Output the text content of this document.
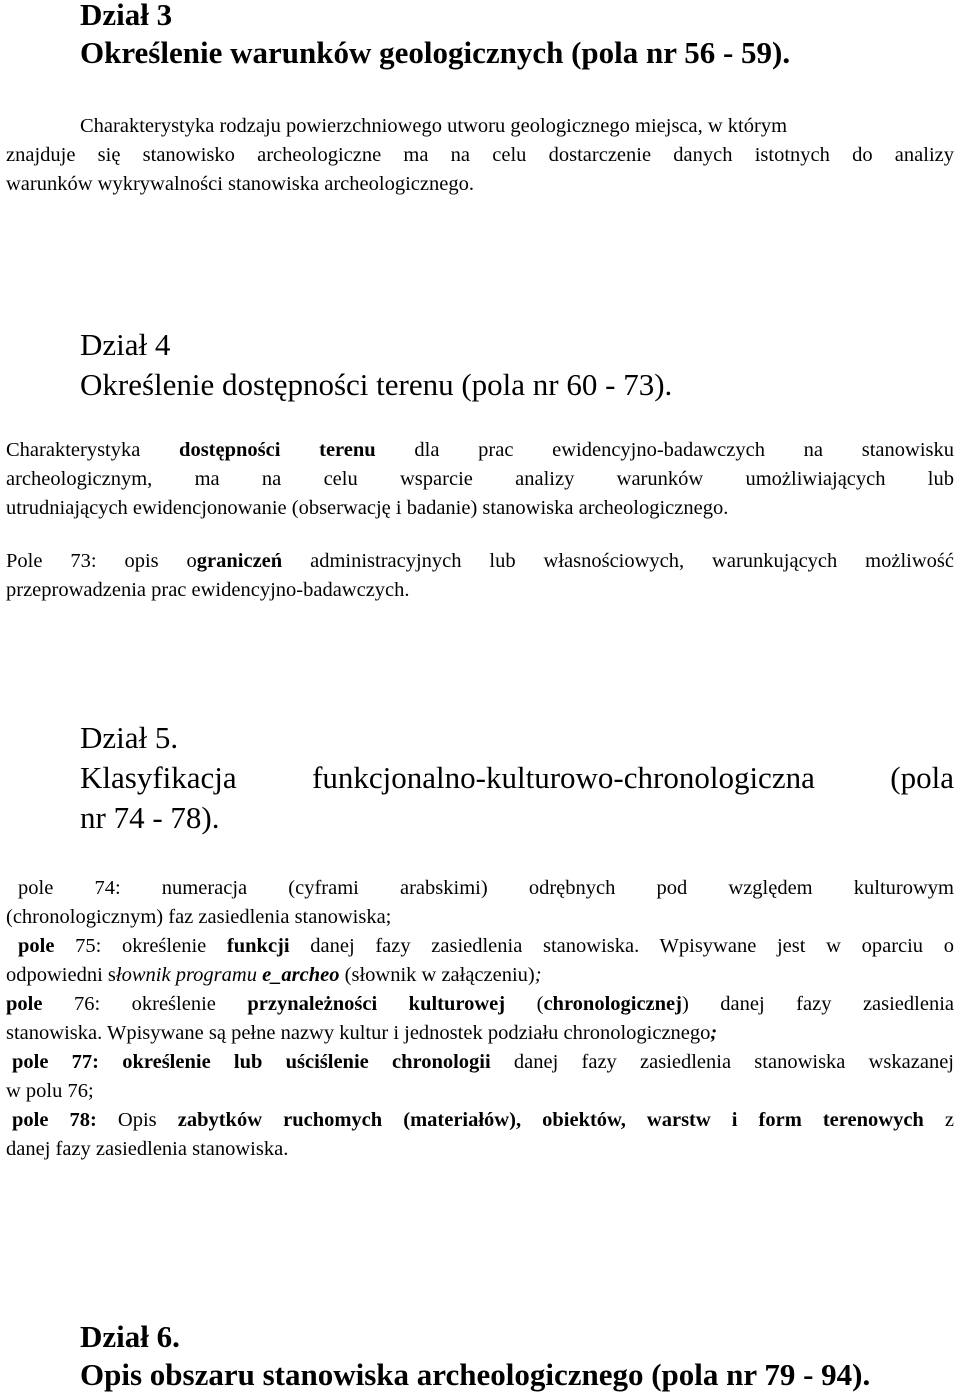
Dział 3
Określenie warunków geologicznych (pola nr 56 - 59).
Charakterystyka rodzaju powierzchniowego utworu geologicznego miejsca, w którym
znajduje się stanowisko archeologiczne ma na celu dostarczenie danych istotnych do analizy
warunków wykrywalności stanowiska archeologicznego.
Dział 4
Określenie dostępności terenu (pola nr 60 - 73).
Charakterystyka dostępności terenu dla prac ewidencyjno-badawczych na stanowisku
archeologicznym, ma na celu wsparcie analizy warunków umożliwiających lub
utrudniających ewidencjonowanie (obserwację i badanie) stanowiska archeologicznego.
Pole 73: opis ograniczeń administracyjnych lub własnościowych, warunkujących możliwość
przeprowadzenia prac ewidencyjno-badawczych.
Dział 5.
Klasyfikacja funkcjonalno-kulturowo-chronologiczna (pola
nr 74 - 78).
pole 74: numeracja (cyframi arabskimi) odrębnych pod względem kulturowym
(chronologicznym) faz zasiedlenia stanowiska;
pole 75: określenie funkcji danej fazy zasiedlenia stanowiska. Wpisywane jest w oparciu o
odpowiedni słownik programu e_archeo (słownik w załączeniu);
pole 76: określenie przynależności kulturowej (chronologicznej) danej fazy zasiedlenia
stanowiska. Wpisywane są pełne nazwy kultur i jednostek podziału chronologicznego;
pole 77: określenie lub uściślenie chronologii danej fazy zasiedlenia stanowiska wskazanej
w polu 76;
pole 78: Opis zabytków ruchomych (materiałów), obiektów, warstw i form terenowych z
danej fazy zasiedlenia stanowiska.
Dział 6.
Opis obszaru stanowiska archeologicznego (pola nr 79 - 94).
